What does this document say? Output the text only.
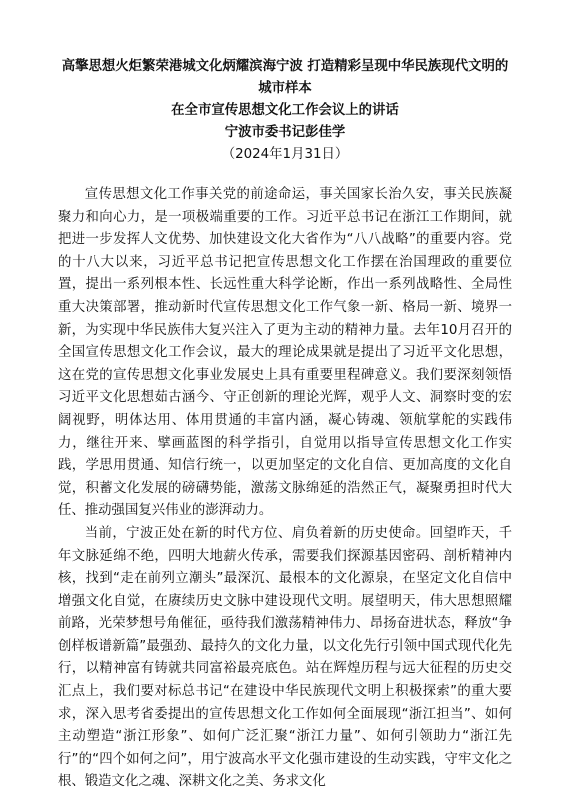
高擎思想火炬繁荣港城文化炳耀滨海宁波 打造精彩呈现中华民族现代文明的城市样本

在全市宣传思想文化工作会议上的讲话

宁波市委书记彭佳学

（2024年1月31日）

宣传思想文化工作事关党的前途命运，事关国家长治久安，事关民族凝聚力和向心力，是一项极端重要的工作。习近平总书记在浙江工作期间，就把进一步发挥人文优势、加快建设文化大省作为“八八战略”的重要内容。党的十八大以来，习近平总书记把宣传思想文化工作摆在治国理政的重要位置，提出一系列根本性、长远性重大科学论断，作出一系列战略性、全局性重大决策部署，推动新时代宣传思想文化工作气象一新、格局一新、境界一新，为实现中华民族伟大复兴注入了更为主动的精神力量。去年10月召开的全国宣传思想文化工作会议，最大的理论成果就是提出了习近平文化思想，这在党的宣传思想文化事业发展史上具有重要里程碑意义。我们要深刻领悟习近平文化思想茹古涵今、守正创新的理论光辉，观乎人文、洞察时变的宏阔视野，明体达用、体用贯通的丰富内涵，凝心铸魂、领航掌舵的实践伟力，继往开来、擘画蓝图的科学指引，自觉用以指导宣传思想文化工作实践，学思用贯通、知信行统一，以更加坚定的文化自信、更加高度的文化自觉，积蓄文化发展的磅礴势能，激荡文脉绵延的浩然正气，凝聚勇担时代大任、推动强国复兴伟业的澎湃动力。

当前，宁波正处在新的时代方位、肩负着新的历史使命。回望昨天，千年文脉延绵不绝，四明大地薪火传承，需要我们探源基因密码、剖析精神内核，找到“走在前列立潮头”最深沉、最根本的文化源泉，在坚定文化自信中增强文化自觉，在赓续历史文脉中建设现代文明。展望明天，伟大思想照耀前路，光荣梦想号角催征，亟待我们激荡精神伟力、昂扬奋进状态，释放“争创样板谱新篇”最强劲、最持久的文化力量，以文化先行引领中国式现代化先行，以精神富有铸就共同富裕最亮底色。站在辉煌历程与远大征程的历史交汇点上，我们要对标总书记“在建设中华民族现代文明上积极探索”的重大要求，深入思考省委提出的宣传思想文化工作如何全面展现“浙江担当”、如何主动塑造“浙江形象”、如何广泛汇聚“浙江力量”、如何引领助力“浙江先行”的“四个如何之问”，用宁波高水平文化强市建设的生动实践，守牢文化之根、锻造文化之魂、深耕文化之美、务求文化
